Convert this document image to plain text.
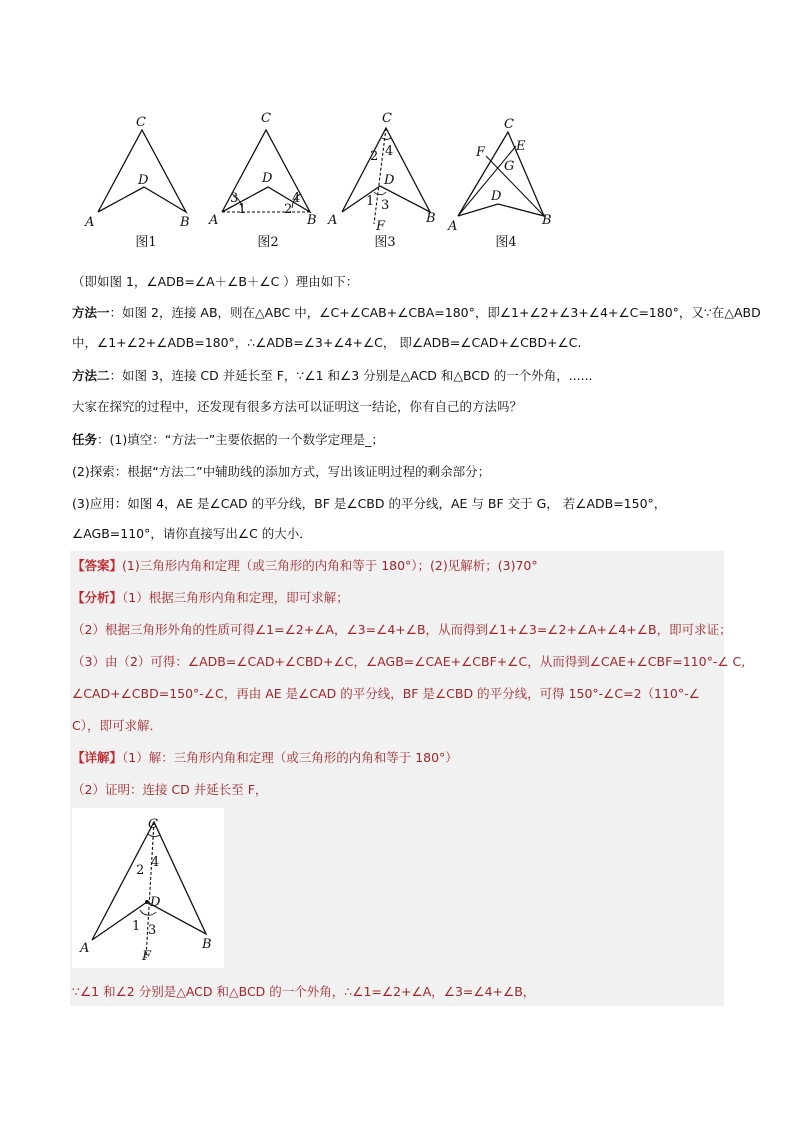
C
D
A	B
图1
C
D
A	B
3
1	2
4
图2
C
D
A	B
F
2 4
1 3
图3
C
E
F
G
D
A	B
图4
（即如图 1，∠ADB=∠A＋∠B＋∠C ）理由如下：
方法一：如图 2，连接 AB，则在△ABC 中，∠C+∠CAB+∠CBA=180°，即∠1+∠2+∠3+∠4+∠C=180°，又∵在△ABD
中，∠1+∠2+∠ADB=180°，∴∠ADB=∠3+∠4+∠C， 即∠ADB=∠CAD+∠CBD+∠C.
方法二：如图 3，连接 CD 并延长至 F，∵∠1 和∠3 分别是△ACD 和△BCD 的一个外角，......
大家在探究的过程中，还发现有很多方法可以证明这一结论，你有自己的方法吗？
任务：(1)填空：“方法一”主要依据的一个数学定理是_；
(2)探索：根据“方法二”中辅助线的添加方式，写出该证明过程的剩余部分；
(3)应用：如图 4，AE 是∠CAD 的平分线，BF 是∠CBD 的平分线，AE 与 BF 交于 G， 若∠ADB=150°，
∠AGB=110°，请你直接写出∠C 的大小．
【答案】(1)三角形内角和定理（或三角形的内角和等于 180°）；(2)见解析；(3)70°
【分析】（1）根据三角形内角和定理，即可求解；
（2）根据三角形外角的性质可得∠1=∠2+∠A，∠3=∠4+∠B，从而得到∠1+∠3=∠2+∠A+∠4+∠B，即可求证；
（3）由（2）可得：∠ADB=∠CAD+∠CBD+∠C，∠AGB=∠CAE+∠CBF+∠C，从而得到∠CAE+∠CBF=110°-∠ C,
∠CAD+∠CBD=150°-∠C，再由 AE 是∠CAD 的平分线，BF 是∠CBD 的平分线，可得 150°-∠C=2（110°-∠
C），即可求解．
【详解】（1）解：三角形内角和定理（或三角形的内角和等于 180°）
（2）证明：连接 CD 并延长至 F，
C
D
A	B
F
2
4
1 3
∵∠1 和∠2 分别是△ACD 和△BCD 的一个外角，∴∠1=∠2+∠A，∠3=∠4+∠B，
